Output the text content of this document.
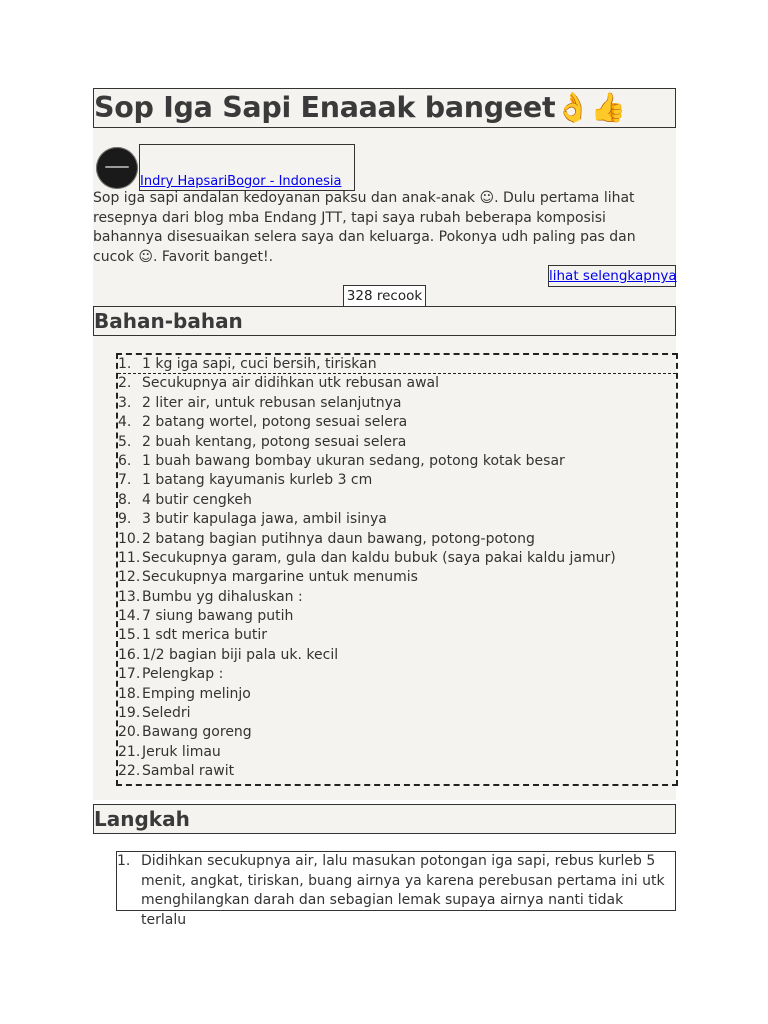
Sop Iga Sapi Enaaak bangeet👌👍
Indry HapsariBogor - Indonesia

Sop iga sapi andalan kedoyanan paksu dan anak-anak ☺. Dulu pertama lihat resepnya dari blog mba Endang JTT, tapi saya rubah beberapa komposisi bahannya disesuaikan selera saya dan keluarga. Pokonya udh paling pas dan cucok ☺. Favorit banget!.

lihat selengkapnya
328 recook
Bahan-bahan
1. 1 kg iga sapi, cuci bersih, tiriskan
2. Secukupnya air didihkan utk rebusan awal
3. 2 liter air, untuk rebusan selanjutnya
4. 2 batang wortel, potong sesuai selera
5. 2 buah kentang, potong sesuai selera
6. 1 buah bawang bombay ukuran sedang, potong kotak besar
7. 1 batang kayumanis kurleb 3 cm
8. 4 butir cengkeh
9. 3 butir kapulaga jawa, ambil isinya
10. 2 batang bagian putihnya daun bawang, potong-potong
11. Secukupnya garam, gula dan kaldu bubuk (saya pakai kaldu jamur)
12. Secukupnya margarine untuk menumis
13. Bumbu yg dihaluskan :
14. 7 siung bawang putih
15. 1 sdt merica butir
16. 1/2 bagian biji pala uk. kecil
17. Pelengkap :
18. Emping melinjo
19. Seledri
20. Bawang goreng
21. Jeruk limau
22. Sambal rawit
Langkah
1. Didihkan secukupnya air, lalu masukan potongan iga sapi, rebus kurleb 5 menit, angkat, tiriskan, buang airnya ya karena perebusan pertama ini utk menghilangkan darah dan sebagian lemak supaya airnya nanti tidak terlalu
